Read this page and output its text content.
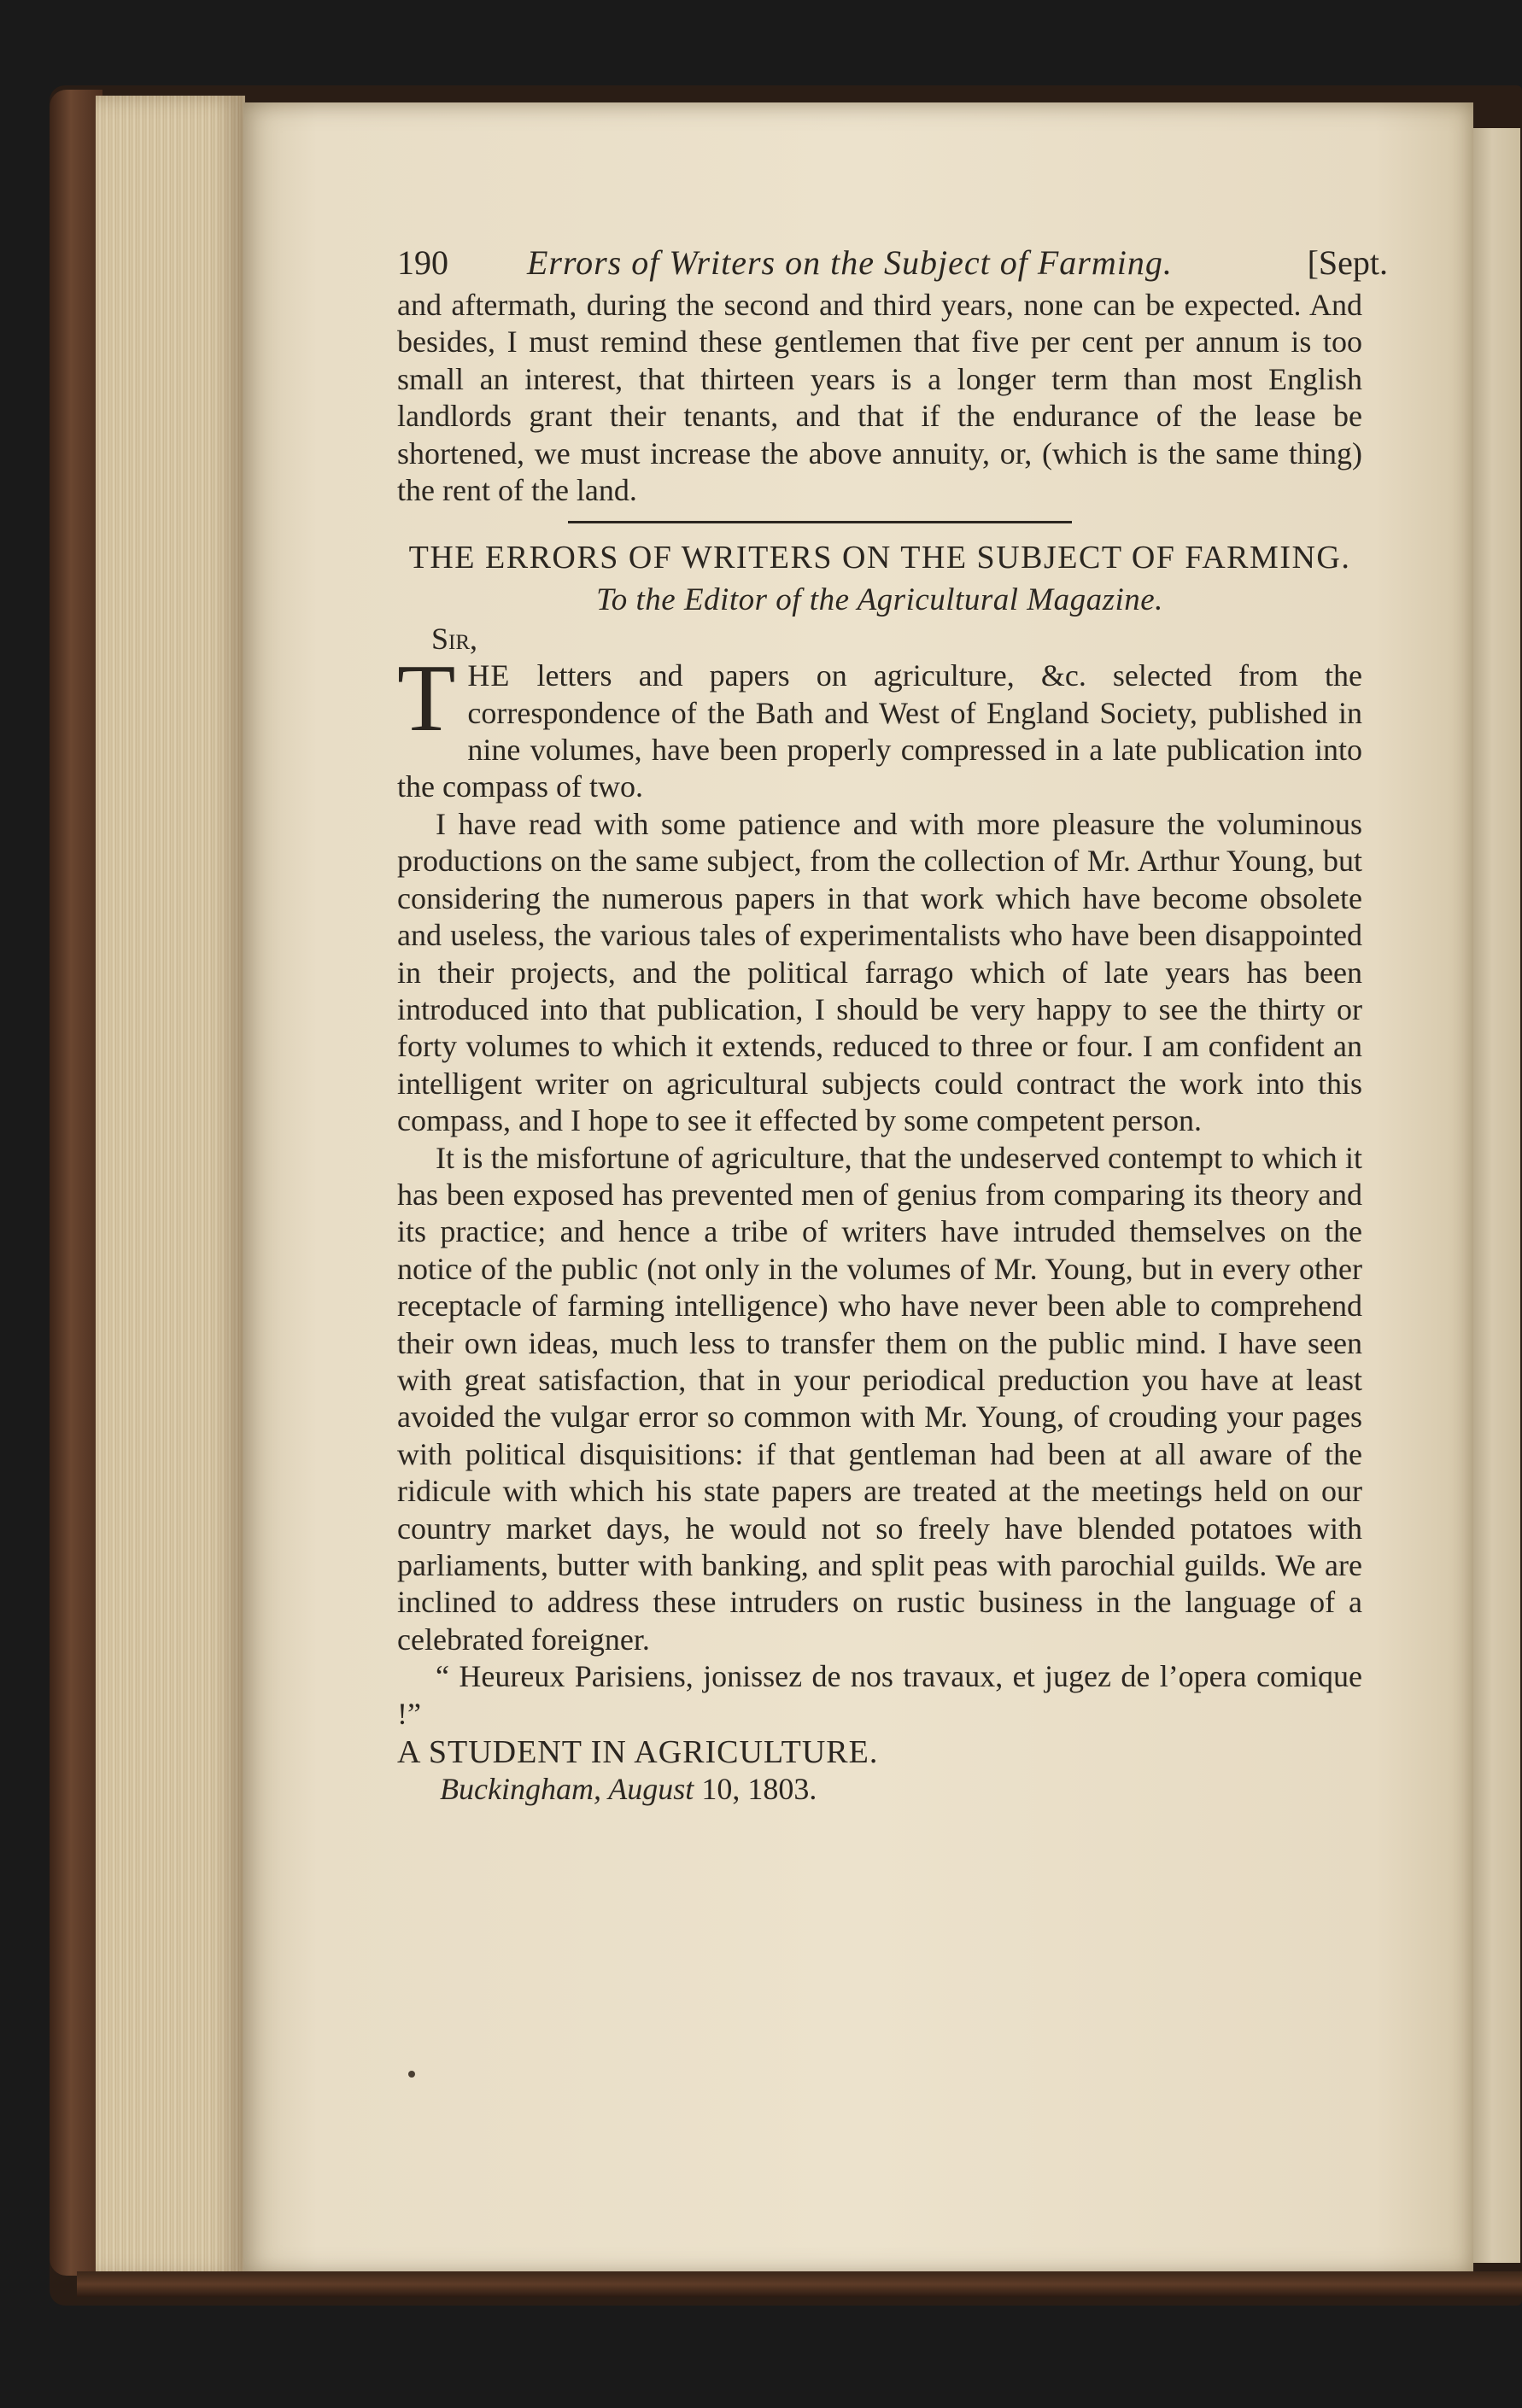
190 Errors of Writers on the Subject of Farming.	[Sept.

and aftermath, during the second and third years, none can be expected. And besides, I must remind these gentlemen that five per cent per annum is too small an interest, that thirteen years is a longer term than most English landlords grant their tenants, and that if the endurance of the lease be shortened, we must increase the above annuity, or, (which is the same thing) the rent of the land.

THE ERRORS OF WRITERS ON THE SUBJECT OF FARMING.

To the Editor of the Agricultural Magazine.

Sir,

THE letters and papers on agriculture, &c. selected from the correspondence of the Bath and West of England Society, published in nine volumes, have been properly compressed in a late publication into the compass of two.

I have read with some patience and with more pleasure the voluminous productions on the same subject, from the collection of Mr. Arthur Young, but considering the numerous papers in that work which have become obsolete and useless, the various tales of experimentalists who have been disappointed in their projects, and the political farrago which of late years has been introduced into that publication, I should be very happy to see the thirty or forty volumes to which it extends, reduced to three or four. I am confident an intelligent writer on agricultural subjects could contract the work into this compass, and I hope to see it effected by some competent person.

It is the misfortune of agriculture, that the undeserved contempt to which it has been exposed has prevented men of genius from comparing its theory and its practice; and hence a tribe of writers have intruded themselves on the notice of the public (not only in the volumes of Mr. Young, but in every other receptacle of farming intelligence) who have never been able to comprehend their own ideas, much less to transfer them on the public mind. I have seen with great satisfaction, that in your periodical preduction you have at least avoided the vulgar error so common with Mr. Young, of crouding your pages with political disquisitions: if that gentleman had been at all aware of the ridicule with which his state papers are treated at the meetings held on our country market days, he would not so freely have blended potatoes with parliaments, butter with banking, and split peas with parochial guilds. We are inclined to address these intruders on rustic business in the language of a celebrated foreigner.

“ Heureux Parisiens, jonissez de nos travaux, et jugez de l’opera comique !”

A STUDENT IN AGRICULTURE.

Buckingham, August 10, 1803.
